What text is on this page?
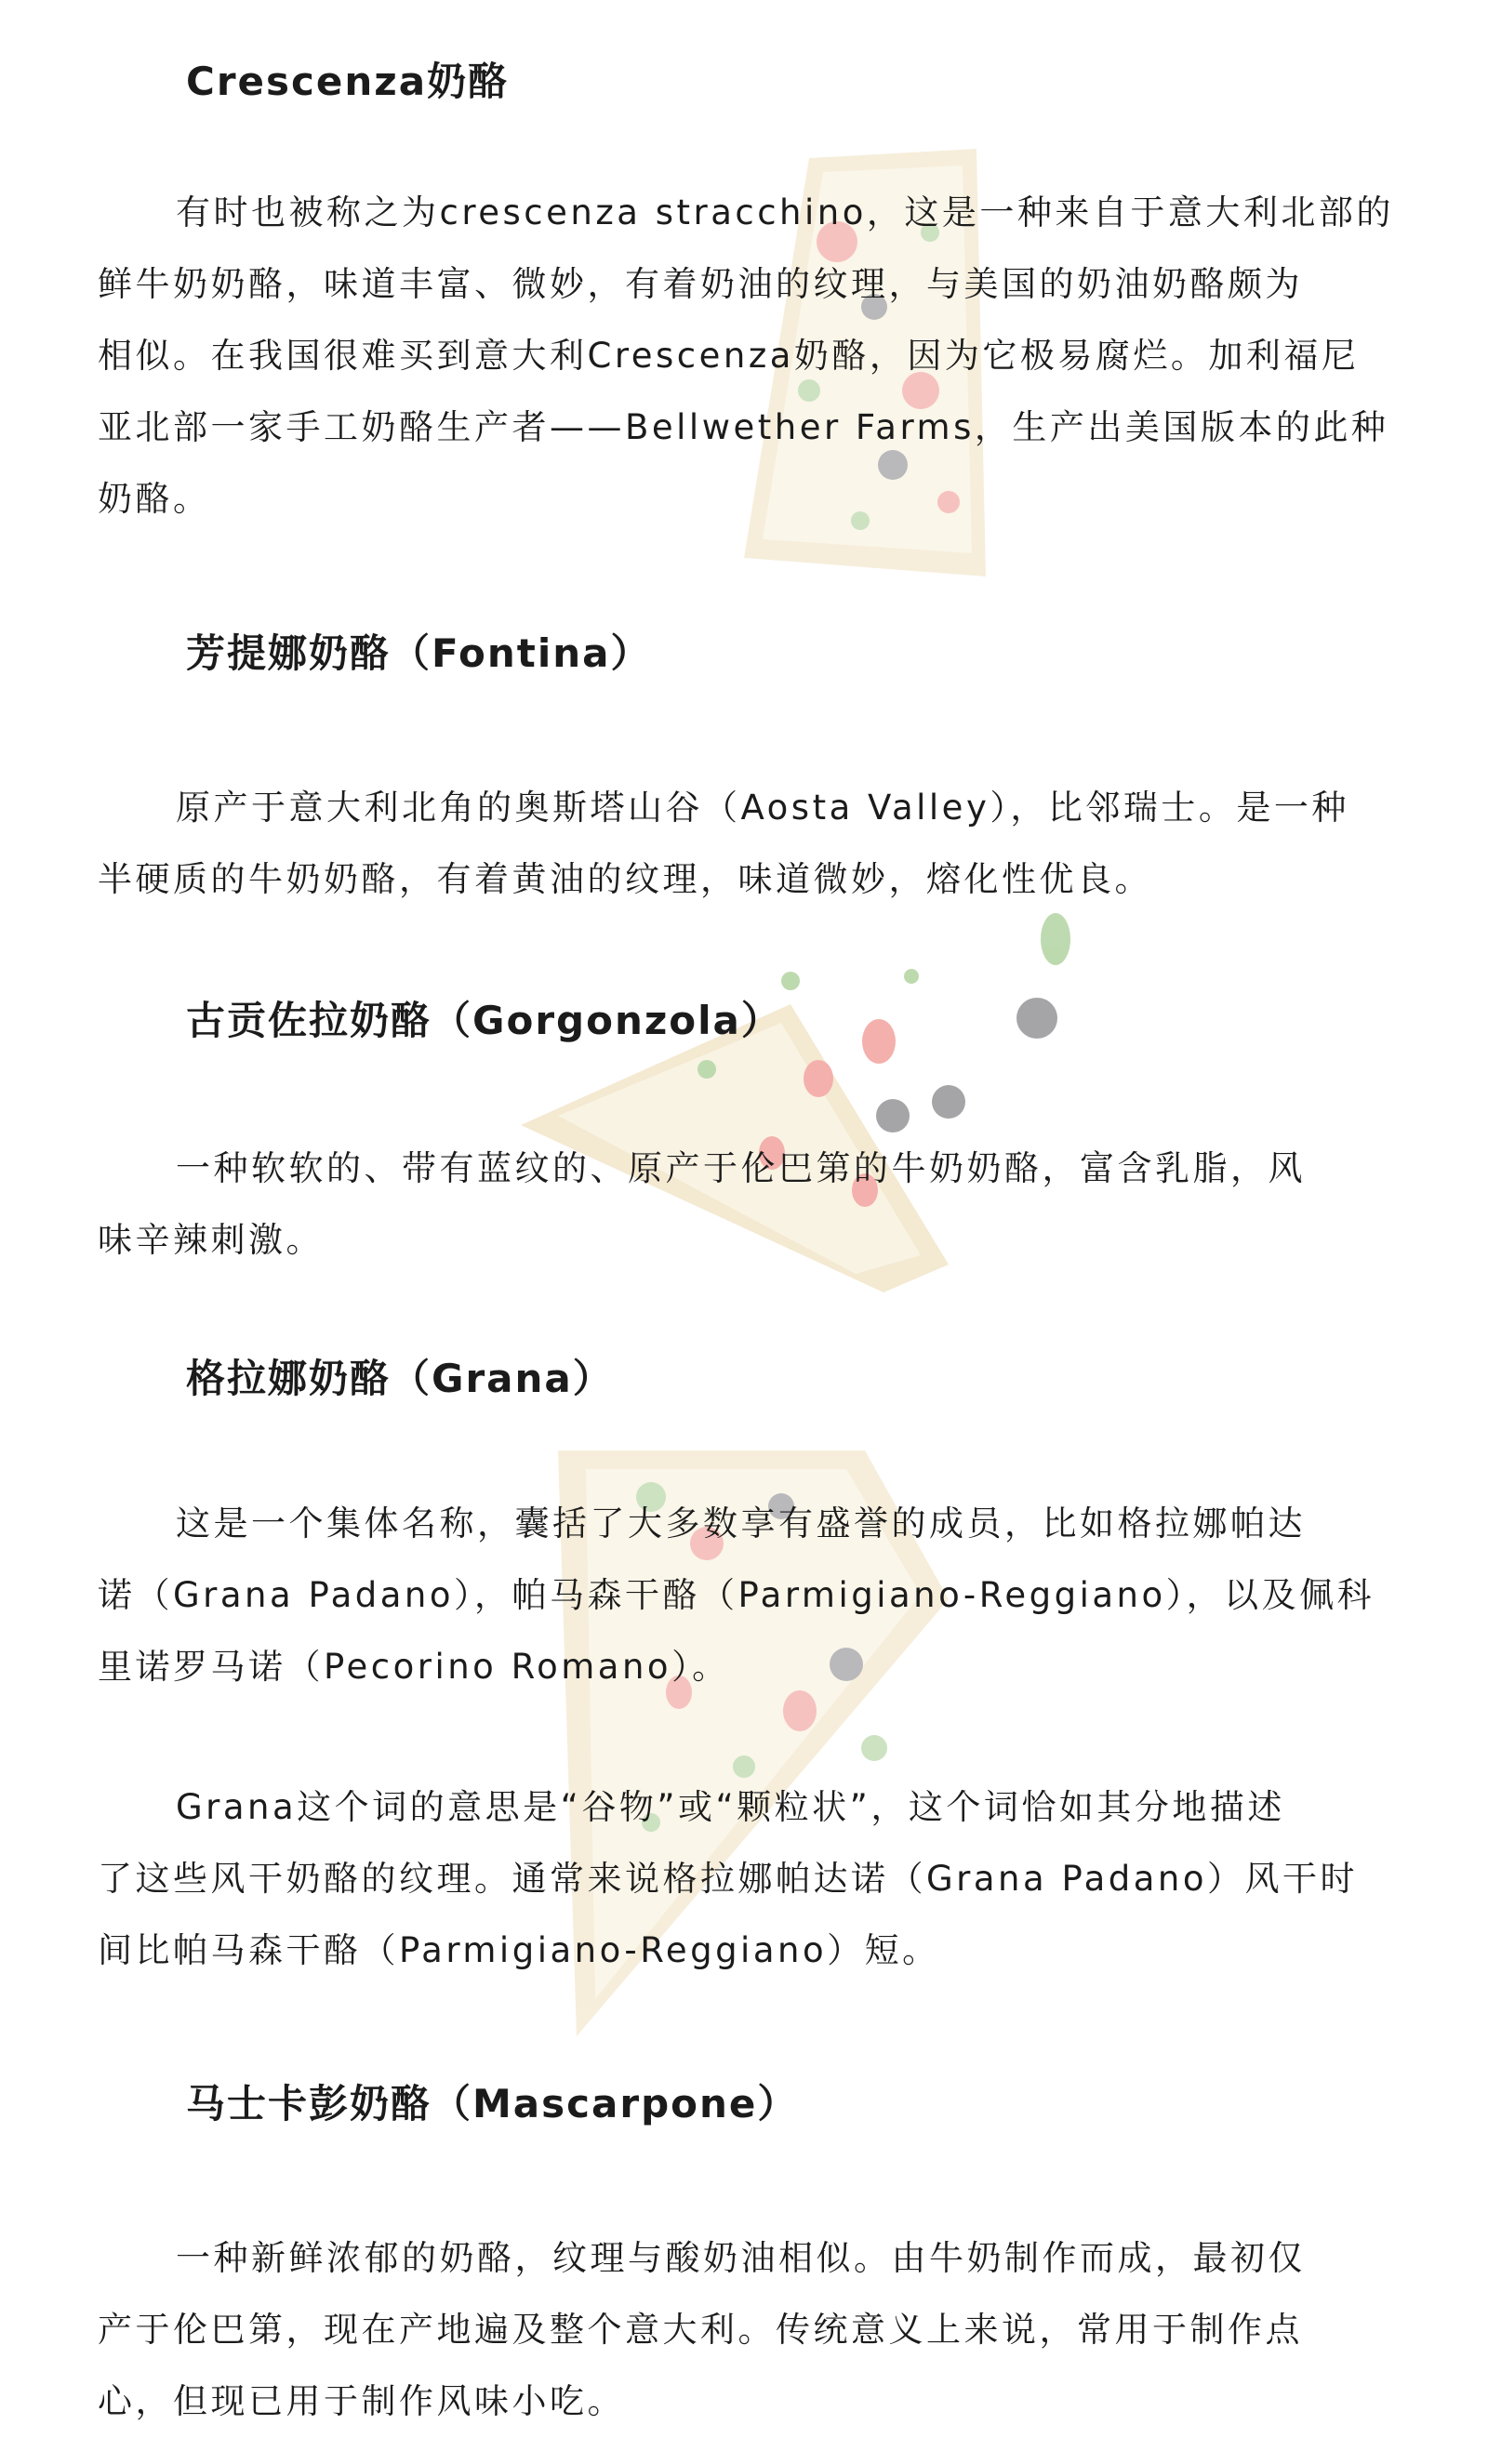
Crescenza奶酪

有时也被称之为crescenza stracchino，这是一种来自于意大利北部的
鲜牛奶奶酪，味道丰富、微妙，有着奶油的纹理，与美国的奶油奶酪颇为
相似。在我国很难买到意大利Crescenza奶酪，因为它极易腐烂。加利福尼
亚北部一家手工奶酪生产者——Bellwether Farms，生产出美国版本的此种
奶酪。

芳提娜奶酪（Fontina）

原产于意大利北角的奥斯塔山谷（Aosta Valley），比邻瑞士。是一种
半硬质的牛奶奶酪，有着黄油的纹理，味道微妙，熔化性优良。

古贡佐拉奶酪（Gorgonzola）

一种软软的、带有蓝纹的、原产于伦巴第的牛奶奶酪，富含乳脂，风
味辛辣刺激。

格拉娜奶酪（Grana）

这是一个集体名称，囊括了大多数享有盛誉的成员，比如格拉娜帕达
诺（Grana Padano），帕马森干酪（Parmigiano-Reggiano），以及佩科
里诺罗马诺（Pecorino Romano）。

Grana这个词的意思是“谷物”或“颗粒状”，这个词恰如其分地描述
了这些风干奶酪的纹理。通常来说格拉娜帕达诺（Grana Padano）风干时
间比帕马森干酪（Parmigiano-Reggiano）短。

马士卡彭奶酪（Mascarpone）

一种新鲜浓郁的奶酪，纹理与酸奶油相似。由牛奶制作而成，最初仅
产于伦巴第，现在产地遍及整个意大利。传统意义上来说，常用于制作点
心，但现已用于制作风味小吃。
